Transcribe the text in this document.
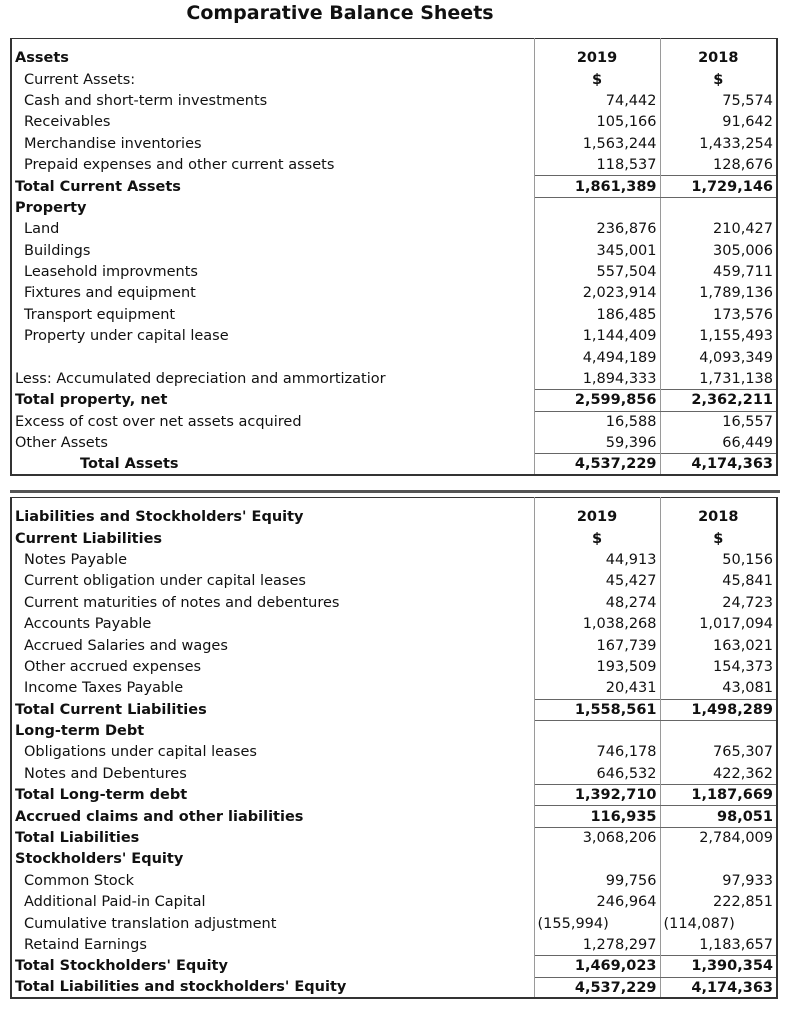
Comparative Balance Sheets

Assets	2019	2018
Current Assets:	$	$
Cash and short-term investments	74,442	75,574
Receivables	105,166	91,642
Merchandise inventories	1,563,244	1,433,254
Prepaid expenses and other current assets	118,537	128,676
Total Current Assets	1,861,389	1,729,146
Property		
Land	236,876	210,427
Buildings	345,001	305,006
Leasehold improvments	557,504	459,711
Fixtures and equipment	2,023,914	1,789,136
Transport equipment	186,485	173,576
Property under capital lease	1,144,409	1,155,493
	4,494,189	4,093,349
Less: Accumulated depreciation and ammortizatior	1,894,333	1,731,138
Total property, net	2,599,856	2,362,211
Excess of cost over net assets acquired	16,588	16,557
Other Assets	59,396	66,449
Total Assets	4,537,229	4,174,363

Liabilities and Stockholders' Equity	2019	2018
Current Liabilities	$	$
Notes Payable	44,913	50,156
Current obligation under capital leases	45,427	45,841
Current maturities of notes and debentures	48,274	24,723
Accounts Payable	1,038,268	1,017,094
Accrued Salaries and wages	167,739	163,021
Other accrued expenses	193,509	154,373
Income Taxes Payable	20,431	43,081
Total Current Liabilities	1,558,561	1,498,289
Long-term Debt		
Obligations under capital leases	746,178	765,307
Notes and Debentures	646,532	422,362
Total Long-term debt	1,392,710	1,187,669
Accrued claims and other liabilities	116,935	98,051
Total Liabilities	3,068,206	2,784,009
Stockholders' Equity		
Common Stock	99,756	97,933
Additional Paid-in Capital	246,964	222,851
Cumulative translation adjustment	(155,994)	(114,087)
Retaind Earnings	1,278,297	1,183,657
Total Stockholders' Equity	1,469,023	1,390,354
Total Liabilities and stockholders' Equity	4,537,229	4,174,363
